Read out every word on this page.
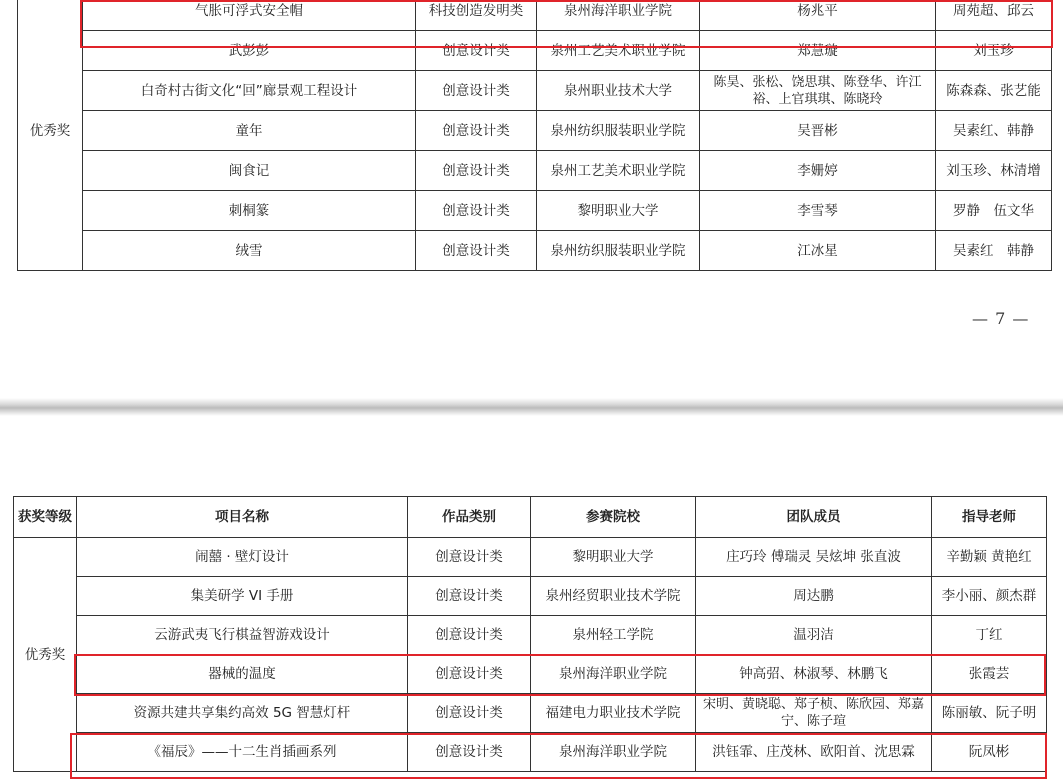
优秀奖	气胀可浮式安全帽	科技创造发明类	泉州海洋职业学院	杨兆平	周苑超、邱云
	武彭彭	创意设计类	泉州工艺美术职业学院	郑慧璇	刘玉珍
	白奇村古街文化“回”廊景观工程设计	创意设计类	泉州职业技术大学	陈昊、张松、饶思琪、陈登华、许江裕、上官琪琪、陈晓玲	陈森森、张艺能
	童年	创意设计类	泉州纺织服装职业学院	吴晋彬	吴素红、韩静
	闽食记	创意设计类	泉州工艺美术职业学院	李姗婷	刘玉珍、林清增
	刺桐篆	创意设计类	黎明职业大学	李雪琴	罗静　伍文华
	绒雪	创意设计类	泉州纺织服装职业学院	江冰星	吴素红　韩静
— 7 —
获奖等级	项目名称	作品类别	参赛院校	团队成员	指导老师
优秀奖	闹囍 · 壁灯设计	创意设计类	黎明职业大学	庄巧玲 傅瑞灵 吴炫坤 张直波	辛勤颖 黄艳红
	集美研学 VI 手册	创意设计类	泉州经贸职业技术学院	周达鹏	李小丽、颜杰群
	云游武夷飞行棋益智游戏设计	创意设计类	泉州轻工学院	温羽洁	丁红
	器械的温度	创意设计类	泉州海洋职业学院	钟高弨、林淑琴、林鹏飞	张霞芸
	资源共建共享集约高效 5G 智慧灯杆	创意设计类	福建电力职业技术学院	宋明、黄晓聪、郑子桢、陈欣园、郑嘉宁、陈子瑄	陈丽敏、阮子明
	《福辰》——十二生肖插画系列	创意设计类	泉州海洋职业学院	洪钰霏、庄茂林、欧阳首、沈思霖	阮凤彬
